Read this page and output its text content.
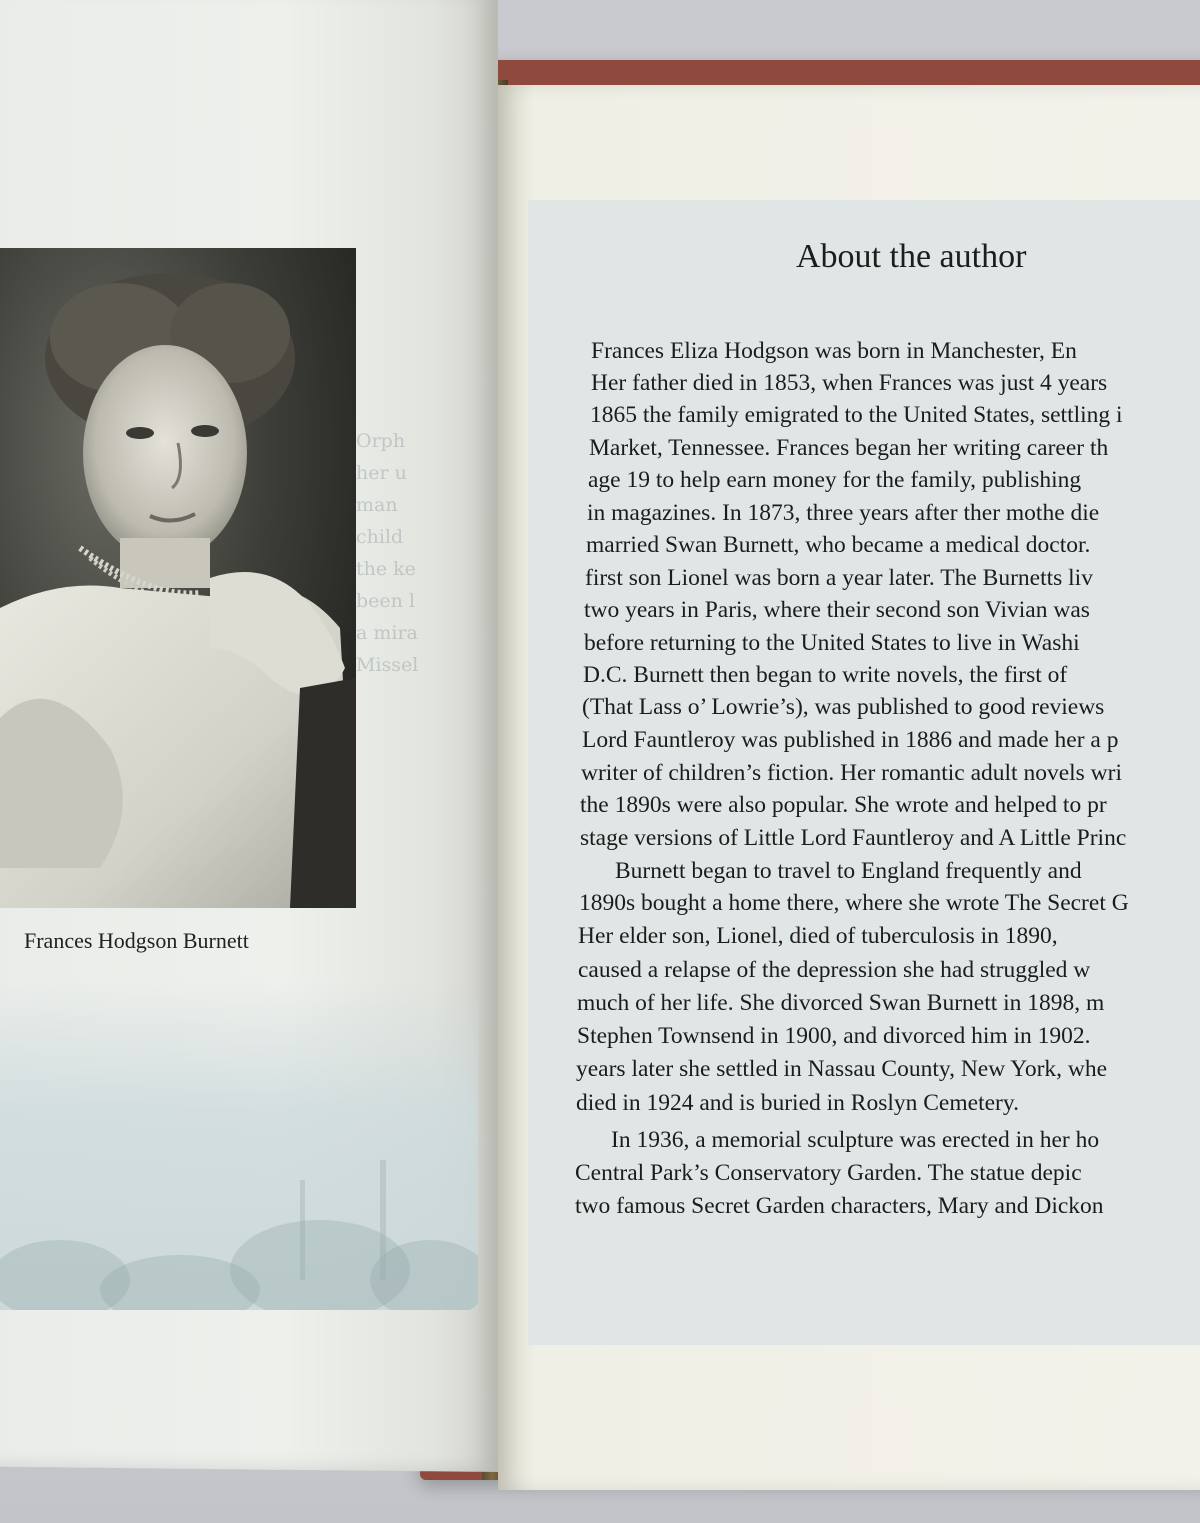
Orph
her u
man
child
the ke
been l
a mira
Missel
Frances Hodgson Burnett
About the author
Frances Eliza Hodgson was born in Manchester, En
Her father died in 1853, when Frances was just 4 years
1865 the family emigrated to the United States, settling i
Market, Tennessee. Frances began her writing career th
age 19 to help earn money for the family, publishing
in magazines. In 1873, three years after ther mothe die
married Swan Burnett, who became a medical doctor.
first son Lionel was born a year later. The Burnetts liv
two years in Paris, where their second son Vivian was
before returning to the United States to live in Washi
D.C. Burnett then began to write novels, the first of
(That Lass o’ Lowrie’s), was published to good reviews
Lord Fauntleroy was published in 1886 and made her a p
writer of children’s fiction. Her romantic adult novels wri
the 1890s were also popular. She wrote and helped to pr
stage versions of Little Lord Fauntleroy and A Little Princ
Burnett began to travel to England frequently and
1890s bought a home there, where she wrote The Secret G
Her elder son, Lionel, died of tuberculosis in 1890,
caused a relapse of the depression she had struggled w
much of her life. She divorced Swan Burnett in 1898, m
Stephen Townsend in 1900, and divorced him in 1902.
years later she settled in Nassau County, New York, whe
died in 1924 and is buried in Roslyn Cemetery.
In 1936, a memorial sculpture was erected in her ho
Central Park’s Conservatory Garden. The statue depic
two famous Secret Garden characters, Mary and Dickon
